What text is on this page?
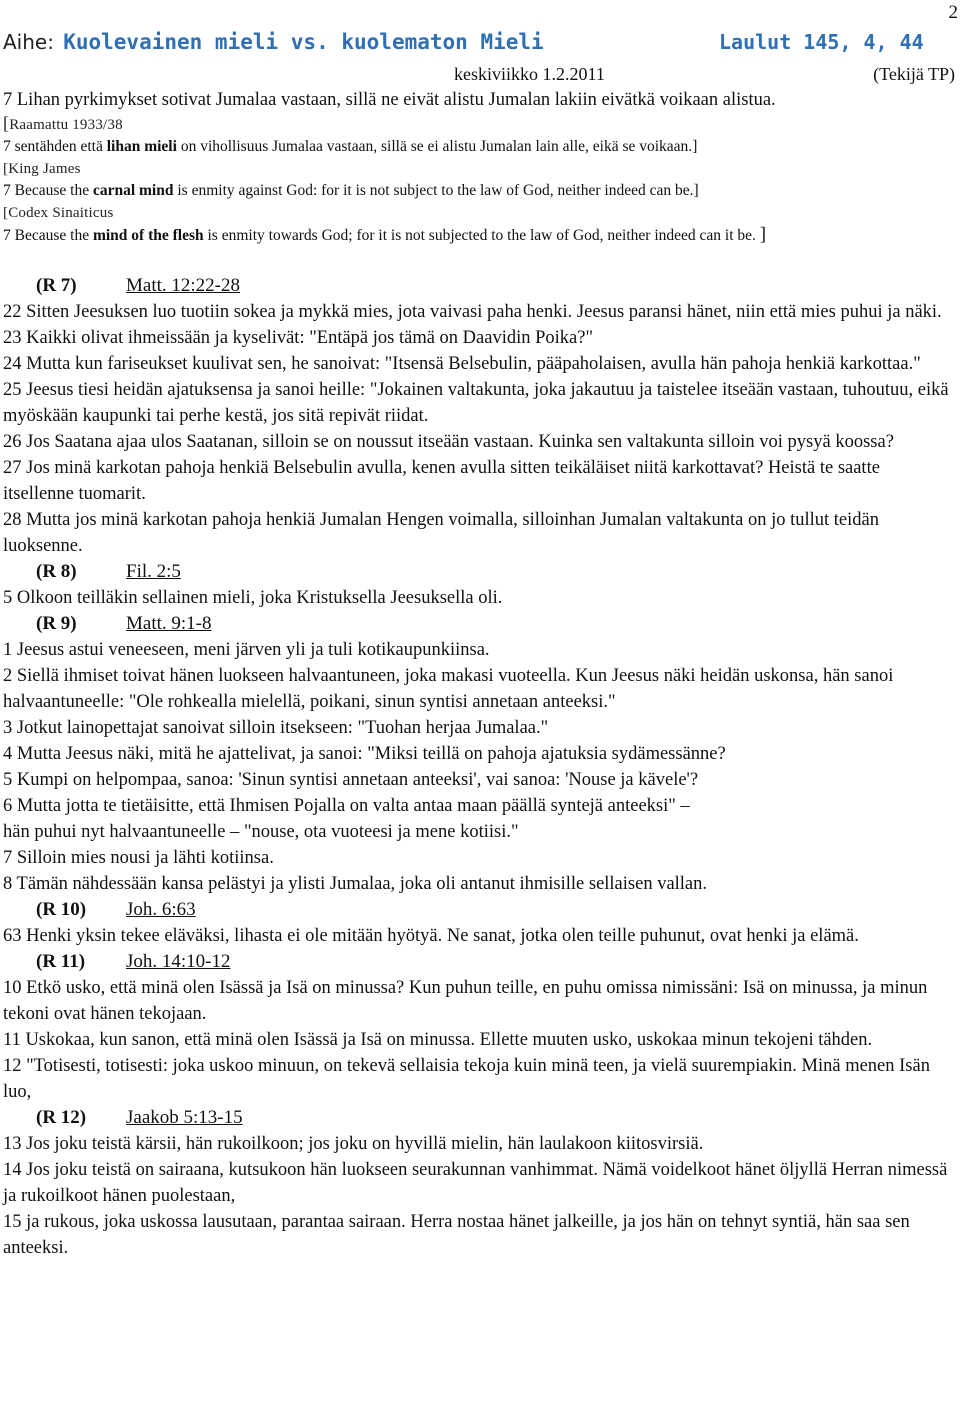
2
Aihe: Kuolevainen mieli vs. kuolematon Mieli	Laulut 145, 4, 44
keskiviikko 1.2.2011	(Tekijä TP)

7 Lihan pyrkimykset sotivat Jumalaa vastaan, sillä ne eivät alistu Jumalan lakiin eivätkä voikaan alistua.

[Raamattu 1933/38

7 sentähden että lihan mieli on vihollisuus Jumalaa vastaan, sillä se ei alistu Jumalan lain alle, eikä se voikaan.]

[King James

7 Because the carnal mind is enmity against God: for it is not subject to the law of God, neither indeed can be.]

[Codex Sinaiticus

7 Because the mind of the flesh is enmity towards God; for it is not subjected to the law of God, neither indeed can it be. ]

(R 7)	Matt. 12:22-28

22 Sitten Jeesuksen luo tuotiin sokea ja mykkä mies, jota vaivasi paha henki. Jeesus paransi hänet, niin että mies puhui ja näki.

23 Kaikki olivat ihmeissään ja kyselivät: "Entäpä jos tämä on Daavidin Poika?"

24 Mutta kun fariseukset kuulivat sen, he sanoivat: "Itsensä Belsebulin, pääpaholaisen, avulla hän pahoja henkiä karkottaa."

25 Jeesus tiesi heidän ajatuksensa ja sanoi heille: "Jokainen valtakunta, joka jakautuu ja taistelee itseään vastaan, tuhoutuu, eikä myöskään kaupunki tai perhe kestä, jos sitä repivät riidat.

26 Jos Saatana ajaa ulos Saatanan, silloin se on noussut itseään vastaan. Kuinka sen valtakunta silloin voi pysyä koossa?

27 Jos minä karkotan pahoja henkiä Belsebulin avulla, kenen avulla sitten teikäläiset niitä karkottavat? Heistä te saatte itsellenne tuomarit.

28 Mutta jos minä karkotan pahoja henkiä Jumalan Hengen voimalla, silloinhan Jumalan valtakunta on jo tullut teidän luoksenne.

(R 8)	Fil. 2:5

5 Olkoon teilläkin sellainen mieli, joka Kristuksella Jeesuksella oli.

(R 9)	Matt. 9:1-8

1 Jeesus astui veneeseen, meni järven yli ja tuli kotikaupunkiinsa.

2 Siellä ihmiset toivat hänen luokseen halvaantuneen, joka makasi vuoteella. Kun Jeesus näki heidän uskonsa, hän sanoi halvaantuneelle: "Ole rohkealla mielellä, poikani, sinun syntisi annetaan anteeksi."

3 Jotkut lainopettajat sanoivat silloin itsekseen: "Tuohan herjaa Jumalaa."

4 Mutta Jeesus näki, mitä he ajattelivat, ja sanoi: "Miksi teillä on pahoja ajatuksia sydämessänne?

5 Kumpi on helpompaa, sanoa: 'Sinun syntisi annetaan anteeksi', vai sanoa: 'Nouse ja kävele'?

6 Mutta jotta te tietäisitte, että Ihmisen Pojalla on valta antaa maan päällä syntejä anteeksi" –

hän puhui nyt halvaantuneelle – "nouse, ota vuoteesi ja mene kotiisi."

7 Silloin mies nousi ja lähti kotiinsa.

8 Tämän nähdessään kansa pelästyi ja ylisti Jumalaa, joka oli antanut ihmisille sellaisen vallan.

(R 10) Joh. 6:63

63 Henki yksin tekee eläväksi, lihasta ei ole mitään hyötyä. Ne sanat, jotka olen teille puhunut, ovat henki ja elämä.

(R 11) Joh. 14:10-12

10 Etkö usko, että minä olen Isässä ja Isä on minussa? Kun puhun teille, en puhu omissa nimissäni: Isä on minussa, ja minun tekoni ovat hänen tekojaan.

11 Uskokaa, kun sanon, että minä olen Isässä ja Isä on minussa. Ellette muuten usko, uskokaa minun tekojeni tähden.

12 "Totisesti, totisesti: joka uskoo minuun, on tekevä sellaisia tekoja kuin minä teen, ja vielä suurempiakin. Minä menen Isän luo,

(R 12) Jaakob 5:13-15

13 Jos joku teistä kärsii, hän rukoilkoon; jos joku on hyvillä mielin, hän laulakoon kiitosvirsiä.

14 Jos joku teistä on sairaana, kutsukoon hän luokseen seurakunnan vanhimmat. Nämä voidelkoot hänet öljyllä Herran nimessä ja rukoilkoot hänen puolestaan,

15 ja rukous, joka uskossa lausutaan, parantaa sairaan. Herra nostaa hänet jalkeille, ja jos hän on tehnyt syntiä, hän saa sen anteeksi.
